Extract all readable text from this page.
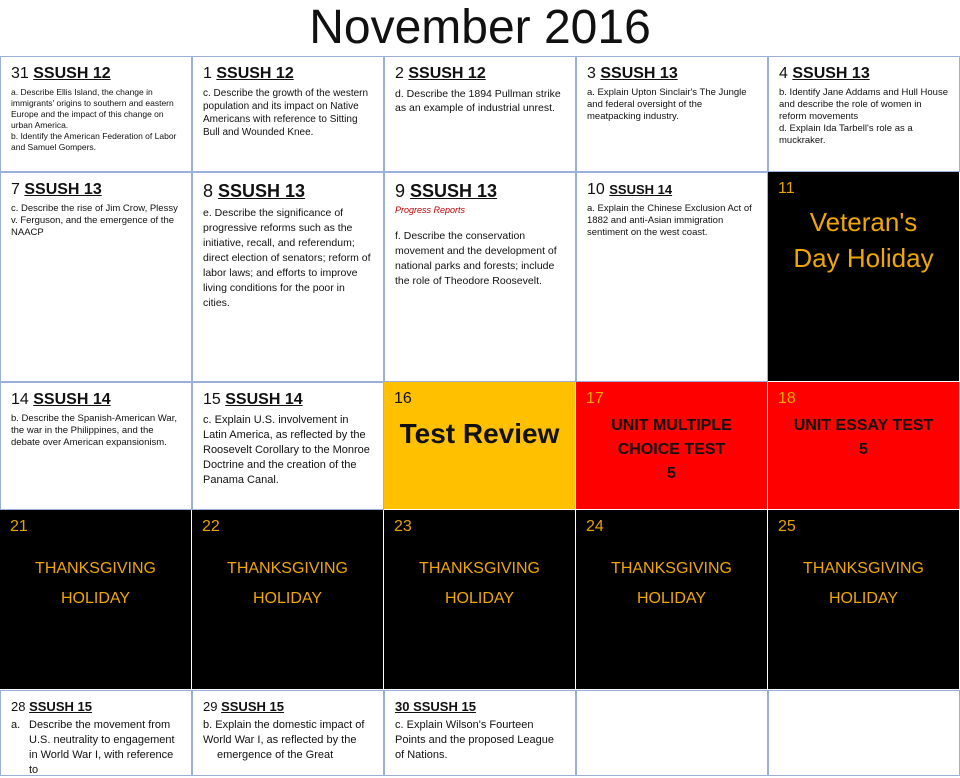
November 2016
31 SSUSH 12

a. Describe Ellis Island, the change in immigrants' origins to southern and eastern Europe and the impact of this change on urban America.

b. Identify the American Federation of Labor and Samuel Gompers.

1 SSUSH 12

c. Describe the growth of the western population and its impact on Native Americans with reference to Sitting Bull and Wounded Knee.

2 SSUSH 12

d. Describe the 1894 Pullman strike as an example of industrial unrest.

3 SSUSH 13

a. Explain Upton Sinclair's The Jungle and federal oversight of the meatpacking industry.

4 SSUSH 13

b. Identify Jane Addams and Hull House and describe the role of women in reform movements

d. Explain Ida Tarbell's role as a muckraker.

7 SSUSH 13

c. Describe the rise of Jim Crow, Plessy v. Ferguson, and the emergence of the NAACP

8 SSUSH 13

e. Describe the significance of progressive reforms such as the initiative, recall, and referendum; direct election of senators; reform of labor laws; and efforts to improve living conditions for the poor in cities.

9 SSUSH 13
Progress Reports

f. Describe the conservation movement and the development of national parks and forests; include the role of Theodore Roosevelt.

10 SSUSH 14

a. Explain the Chinese Exclusion Act of 1882 and anti-Asian immigration sentiment on the west coast.

11
Veteran's Day Holiday
14 SSUSH 14

b. Describe the Spanish-American War, the war in the Philippines, and the debate over American expansionism.

15 SSUSH 14

c. Explain U.S. involvement in Latin America, as reflected by the Roosevelt Corollary to the Monroe Doctrine and the creation of the Panama Canal.

16
Test Review
17
UNIT MULTIPLE
CHOICE TEST
5
18
UNIT ESSAY TEST
5
21
THANKSGIVING
HOLIDAY
22
THANKSGIVING
HOLIDAY
23
THANKSGIVING
HOLIDAY
24
THANKSGIVING
HOLIDAY
25
THANKSGIVING
HOLIDAY
28 SSUSH 15
a. Describe the movement from U.S. neutrality to engagement in World War I, with reference to
29 SSUSH 15

b. Explain the domestic impact of World War I, as reflected by the

emergence of the Great

30 SSUSH 15

c. Explain Wilson's Fourteen Points and the proposed League of Nations.
